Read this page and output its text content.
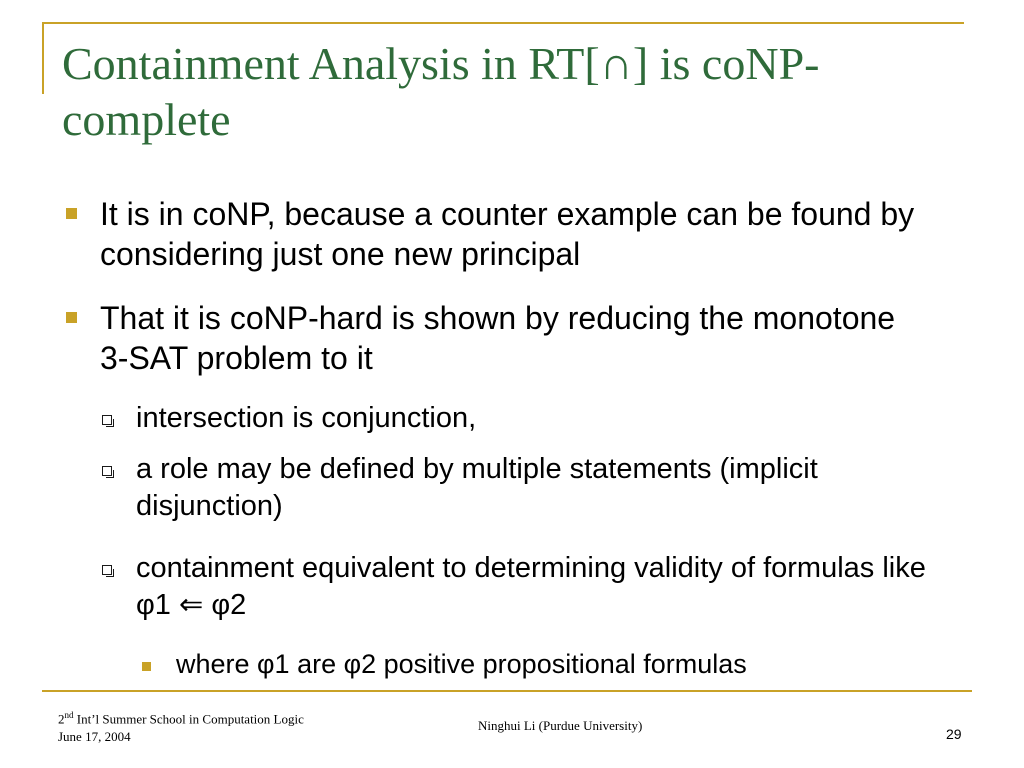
Containment Analysis in RT[∩] is coNP-complete
It is in coNP, because a counter example can be found by considering just one new principal
That it is coNP-hard is shown by reducing the monotone 3-SAT problem to it
intersection is conjunction,
a role may be defined by multiple statements (implicit disjunction)
containment equivalent to determining validity of formulas like φ1 ⇐ φ2
where φ1 are φ2 positive propositional formulas
2nd Int’l Summer School in Computation Logic
June 17, 2004
Ninghui Li (Purdue University)
29
